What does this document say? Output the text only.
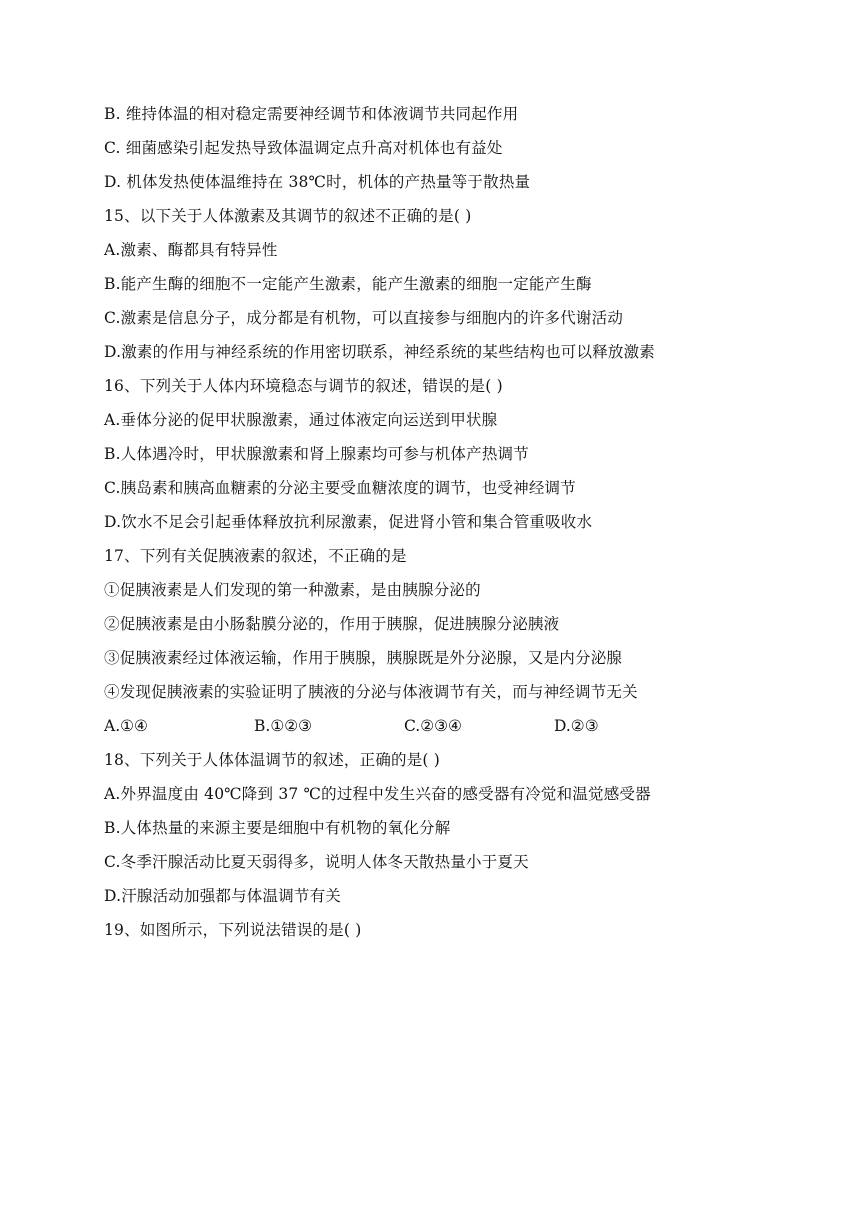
B. 维持体温的相对稳定需要神经调节和体液调节共同起作用
C. 细菌感染引起发热导致体温调定点升高对机体也有益处
D. 机体发热使体温维持在 38℃时，机体的产热量等于散热量
15、以下关于人体激素及其调节的叙述不正确的是( )
A.激素、酶都具有特异性
B.能产生酶的细胞不一定能产生激素，能产生激素的细胞一定能产生酶
C.激素是信息分子，成分都是有机物，可以直接参与细胞内的许多代谢活动
D.激素的作用与神经系统的作用密切联系，神经系统的某些结构也可以释放激素
16、下列关于人体内环境稳态与调节的叙述，错误的是( )
A.垂体分泌的促甲状腺激素，通过体液定向运送到甲状腺
B.人体遇冷时，甲状腺激素和肾上腺素均可参与机体产热调节
C.胰岛素和胰高血糖素的分泌主要受血糖浓度的调节，也受神经调节
D.饮水不足会引起垂体释放抗利尿激素，促进肾小管和集合管重吸收水
17、下列有关促胰液素的叙述，不正确的是
①促胰液素是人们发现的第一种激素，是由胰腺分泌的
②促胰液素是由小肠黏膜分泌的，作用于胰腺，促进胰腺分泌胰液
③促胰液素经过体液运输，作用于胰腺，胰腺既是外分泌腺，又是内分泌腺
④发现促胰液素的实验证明了胰液的分泌与体液调节有关，而与神经调节无关
A.①④	B.①②③	C.②③④	D.②③
18、下列关于人体体温调节的叙述，正确的是( )
A.外界温度由 40℃降到 37 ℃的过程中发生兴奋的感受器有冷觉和温觉感受器
B.人体热量的来源主要是细胞中有机物的氧化分解
C.冬季汗腺活动比夏天弱得多，说明人体冬天散热量小于夏天
D.汗腺活动加强都与体温调节有关
19、如图所示，下列说法错误的是( )
